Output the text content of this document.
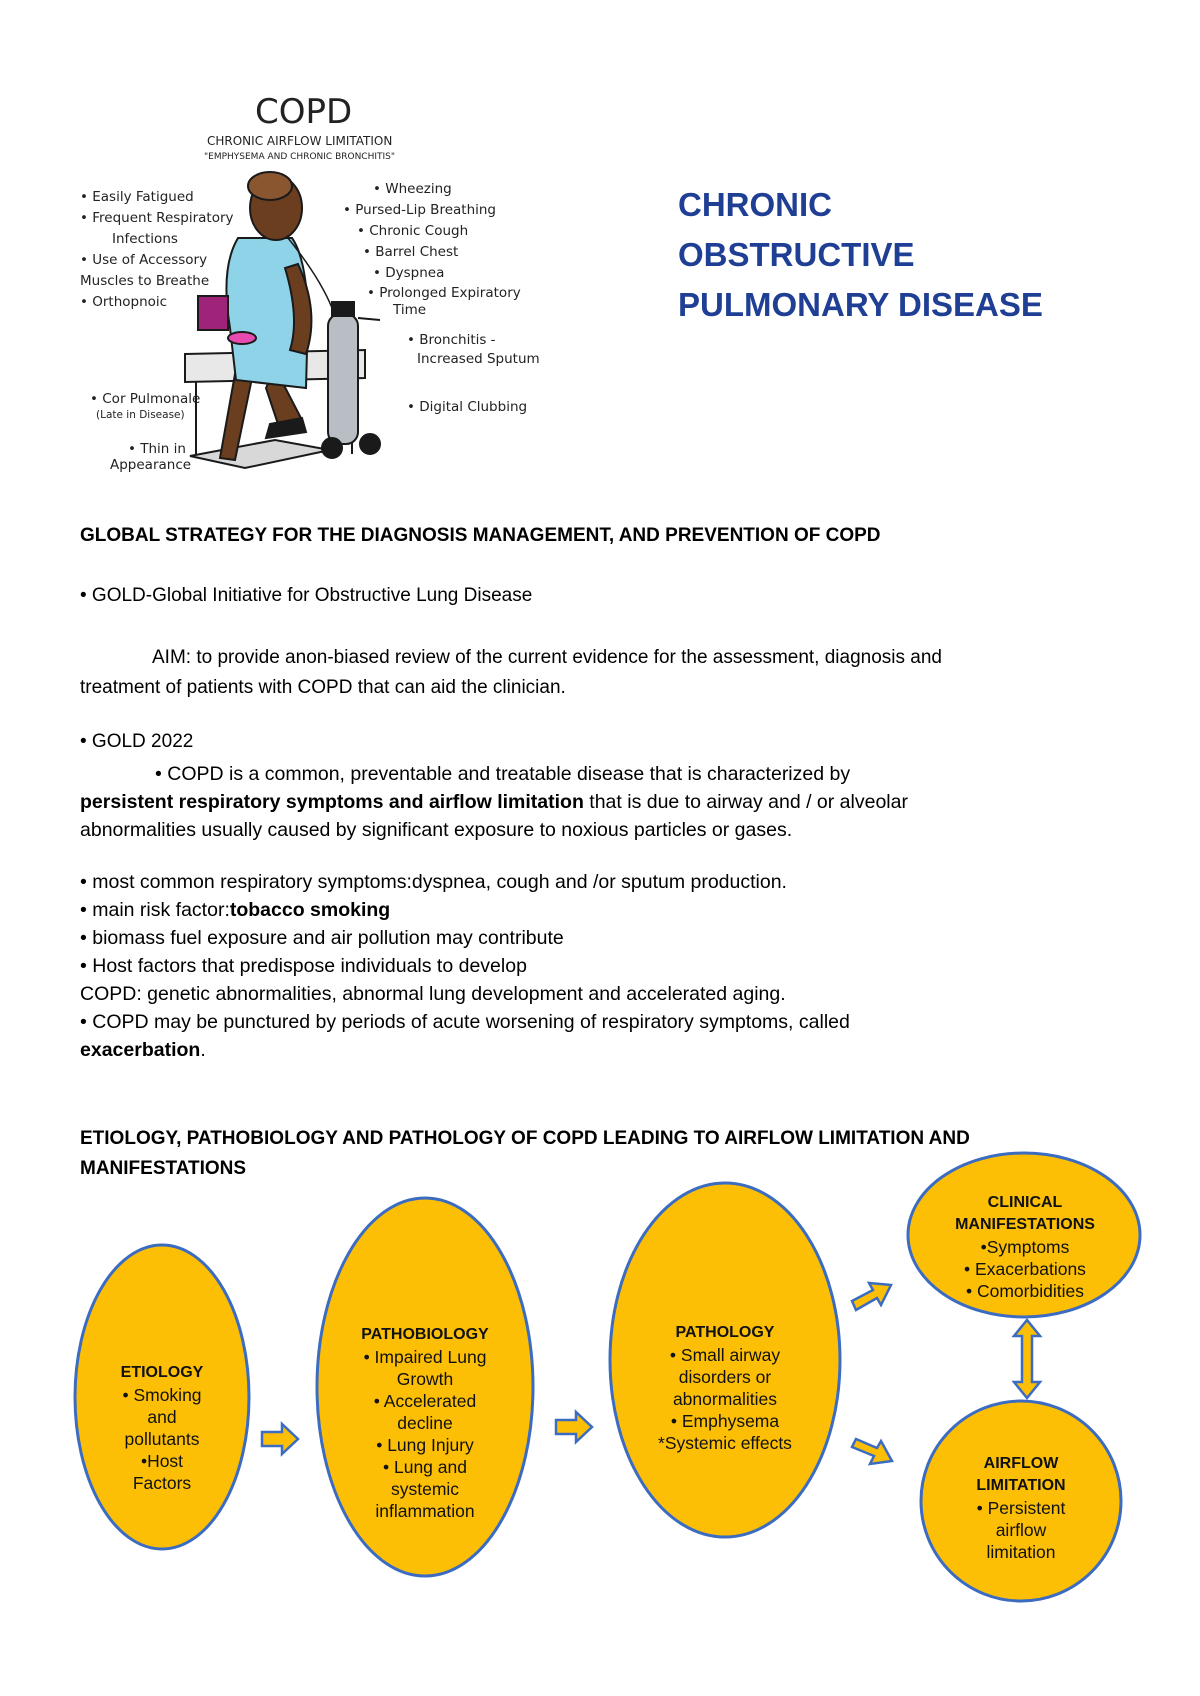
COPD
CHRONIC AIRFLOW LIMITATION
"EMPHYSEMA AND CHRONIC BRONCHITIS"
• Easily Fatigued
• Frequent Respiratory
Infections
• Use of Accessory
Muscles to Breathe
• Orthopnoic
• Cor Pulmonale
(Late in Disease)
• Thin in
Appearance
• Wheezing
• Pursed-Lip Breathing
• Chronic Cough
• Barrel Chest
• Dyspnea
• Prolonged Expiratory
Time
• Bronchitis -
Increased Sputum
• Digital Clubbing
CHRONIC
OBSTRUCTIVE
PULMONARY DISEASE
GLOBAL STRATEGY FOR THE DIAGNOSIS MANAGEMENT, AND PREVENTION OF COPD
• GOLD-Global Initiative for Obstructive Lung Disease
AIM: to provide anon-biased review of the current evidence for the assessment, diagnosis and
treatment of patients with COPD that can aid the clinician.
• GOLD 2022
• COPD is a common, preventable and treatable disease that is characterized by
persistent respiratory symptoms and airflow limitation that is due to airway and / or alveolar
abnormalities usually caused by significant exposure to noxious particles or gases.
• most common respiratory symptoms:dyspnea, cough and /or sputum production.
• main risk factor:tobacco smoking
• biomass fuel exposure and air pollution may contribute
• Host factors that predispose individuals to develop
COPD: genetic abnormalities, abnormal lung development and accelerated aging.
• COPD may be punctured by periods of acute worsening of respiratory symptoms, called
exacerbation.
ETIOLOGY, PATHOBIOLOGY AND PATHOLOGY OF COPD LEADING TO AIRFLOW LIMITATION AND
MANIFESTATIONS
ETIOLOGY
• Smoking
and
pollutants
•Host
Factors
PATHOBIOLOGY
• Impaired Lung
Growth
• Accelerated
decline
• Lung Injury
• Lung and
systemic
inflammation
PATHOLOGY
• Small airway
disorders or
abnormalities
• Emphysema
*Systemic effects
CLINICAL
MANIFESTATIONS
•Symptoms
• Exacerbations
• Comorbidities
AIRFLOW
LIMITATION
• Persistent
airflow
limitation
